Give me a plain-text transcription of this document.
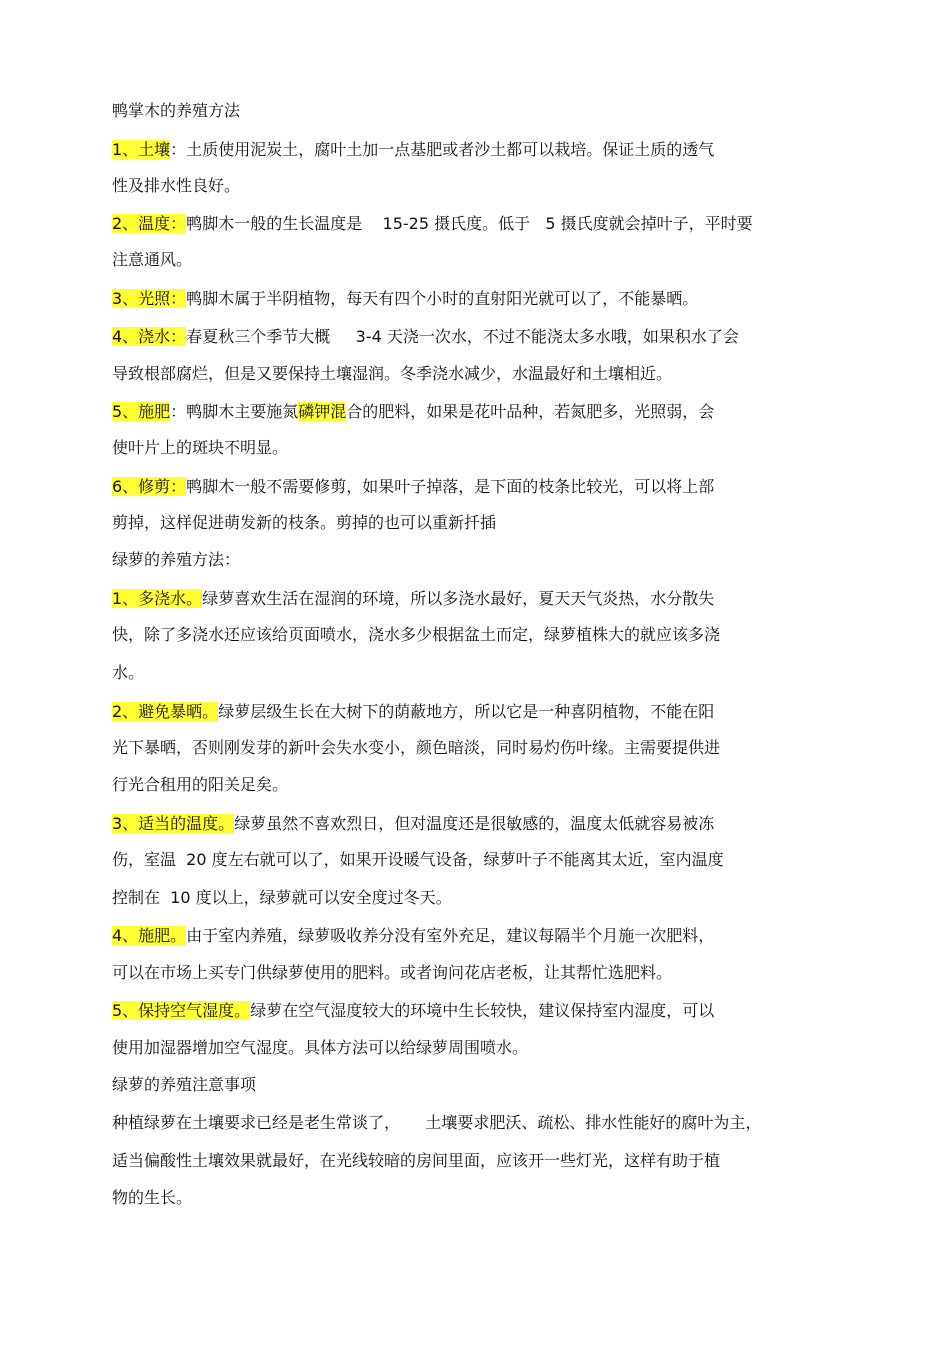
鸭掌木的养殖方法
1、土壤：土质使用泥炭土，腐叶土加一点基肥或者沙土都可以栽培。保证土质的透气
性及排水性良好。
2、温度：鸭脚木一般的生长温度是    15-25 摄氏度。低于   5 摄氏度就会掉叶子，平时要
注意通风。
3、光照：鸭脚木属于半阴植物，每天有四个小时的直射阳光就可以了，不能暴晒。
4、浇水：春夏秋三个季节大概     3-4 天浇一次水，不过不能浇太多水哦，如果积水了会
导致根部腐烂，但是又要保持土壤湿润。冬季浇水减少，水温最好和土壤相近。
5、施肥：鸭脚木主要施氮磷钾混合的肥料，如果是花叶品种，若氮肥多，光照弱，会
使叶片上的斑块不明显。
6、修剪：鸭脚木一般不需要修剪，如果叶子掉落，是下面的枝条比较光，可以将上部
剪掉，这样促进萌发新的枝条。剪掉的也可以重新扦插
绿萝的养殖方法：
1、多浇水。绿萝喜欢生活在湿润的环境，所以多浇水最好，夏天天气炎热，水分散失
快，除了多浇水还应该给页面喷水，浇水多少根据盆土而定，绿萝植株大的就应该多浇
水。
2、避免暴晒。绿萝层级生长在大树下的荫蔽地方，所以它是一种喜阴植物，不能在阳
光下暴晒，否则刚发芽的新叶会失水变小，颜色暗淡，同时易灼伤叶缘。主需要提供进
行光合租用的阳关足矣。
3、适当的温度。绿萝虽然不喜欢烈日，但对温度还是很敏感的，温度太低就容易被冻
伤，室温  20 度左右就可以了，如果开设暖气设备，绿萝叶子不能离其太近，室内温度
控制在  10 度以上，绿萝就可以安全度过冬天。
4、施肥。由于室内养殖，绿萝吸收养分没有室外充足，建议每隔半个月施一次肥料，
可以在市场上买专门供绿萝使用的肥料。或者询问花店老板，让其帮忙选肥料。
5、保持空气湿度。绿萝在空气湿度较大的环境中生长较快，建议保持室内湿度，可以
使用加湿器增加空气湿度。具体方法可以给绿萝周围喷水。
绿萝的养殖注意事项
种植绿萝在土壤要求已经是老生常谈了，     土壤要求肥沃、疏松、排水性能好的腐叶为主，
适当偏酸性土壤效果就最好，在光线较暗的房间里面，应该开一些灯光，这样有助于植
物的生长。
